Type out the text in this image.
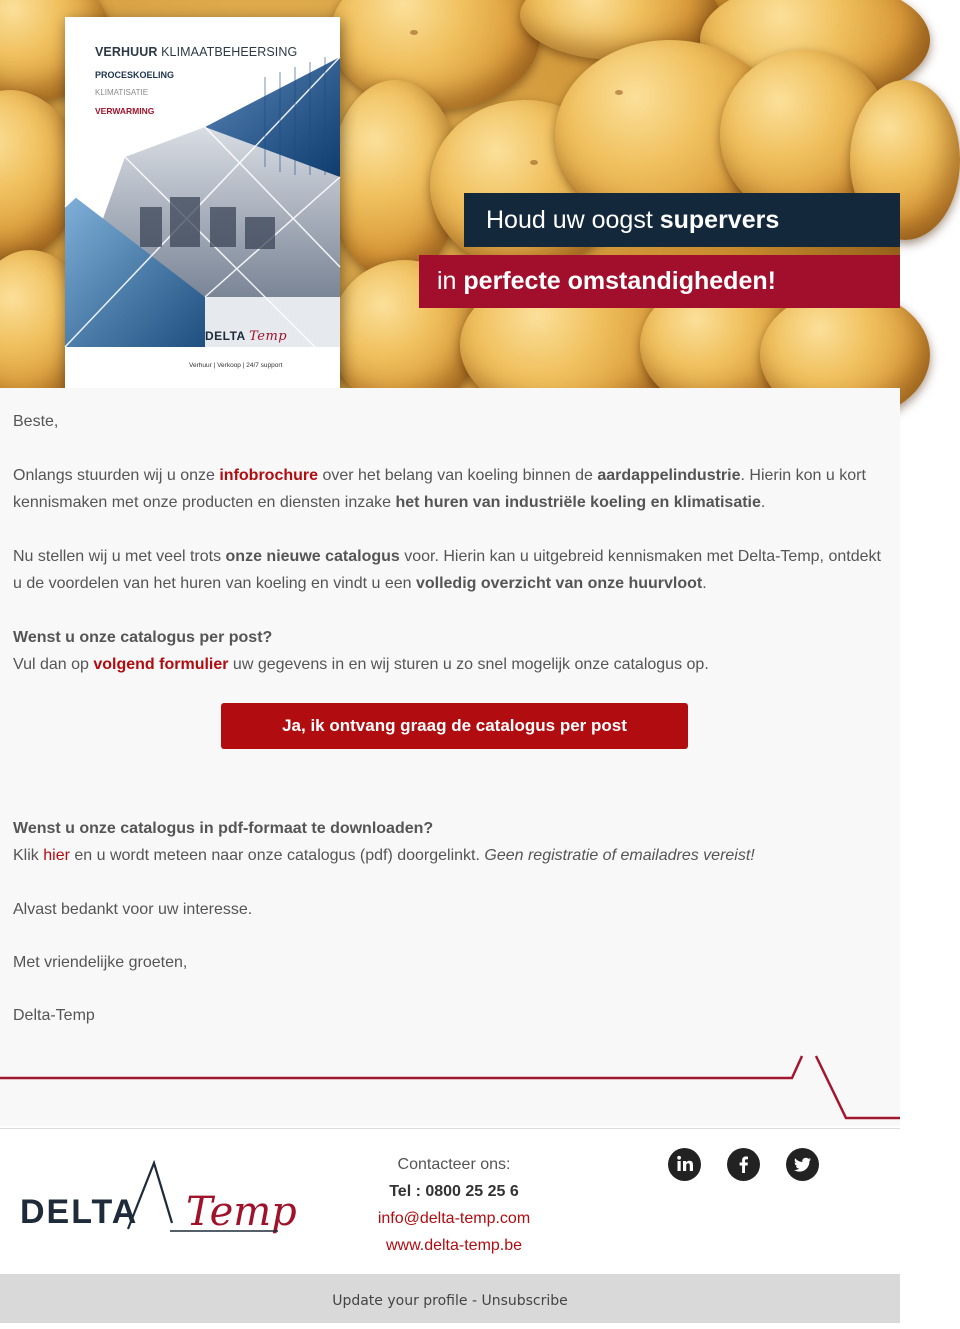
VERHUUR KLIMAATBEHEERSING
PROCESKOELING
KLIMATISATIE
VERWARMING
DELTA Temp
Verhuur | Verkoop | 24/7 support
Houd uw oogst supervers
in perfecte omstandigheden!
Beste,
Onlangs stuurden wij u onze infobrochure over het belang van koeling binnen de aardappelindustrie. Hierin kon u kort kennismaken met onze producten en diensten inzake het huren van industriële koeling en klimatisatie.
Nu stellen wij u met veel trots onze nieuwe catalogus voor. Hierin kan u uitgebreid kennismaken met Delta-Temp, ontdekt u de voordelen van het huren van koeling en vindt u een volledig overzicht van onze huurvloot.
Wenst u onze catalogus per post?
Vul dan op volgend formulier uw gegevens in en wij sturen u zo snel mogelijk onze catalogus op.
Ja, ik ontvang graag de catalogus per post
Wenst u onze catalogus in pdf-formaat te downloaden?
Klik hier en u wordt meteen naar onze catalogus (pdf) doorgelinkt. Geen registratie of emailadres vereist!
Alvast bedankt voor uw interesse.
Met vriendelijke groeten,
Delta-Temp
DELTA Temp
Contacteer ons:
Tel : 0800 25 25 6
info@delta-temp.com
www.delta-temp.be
Update your profile - Unsubscribe
